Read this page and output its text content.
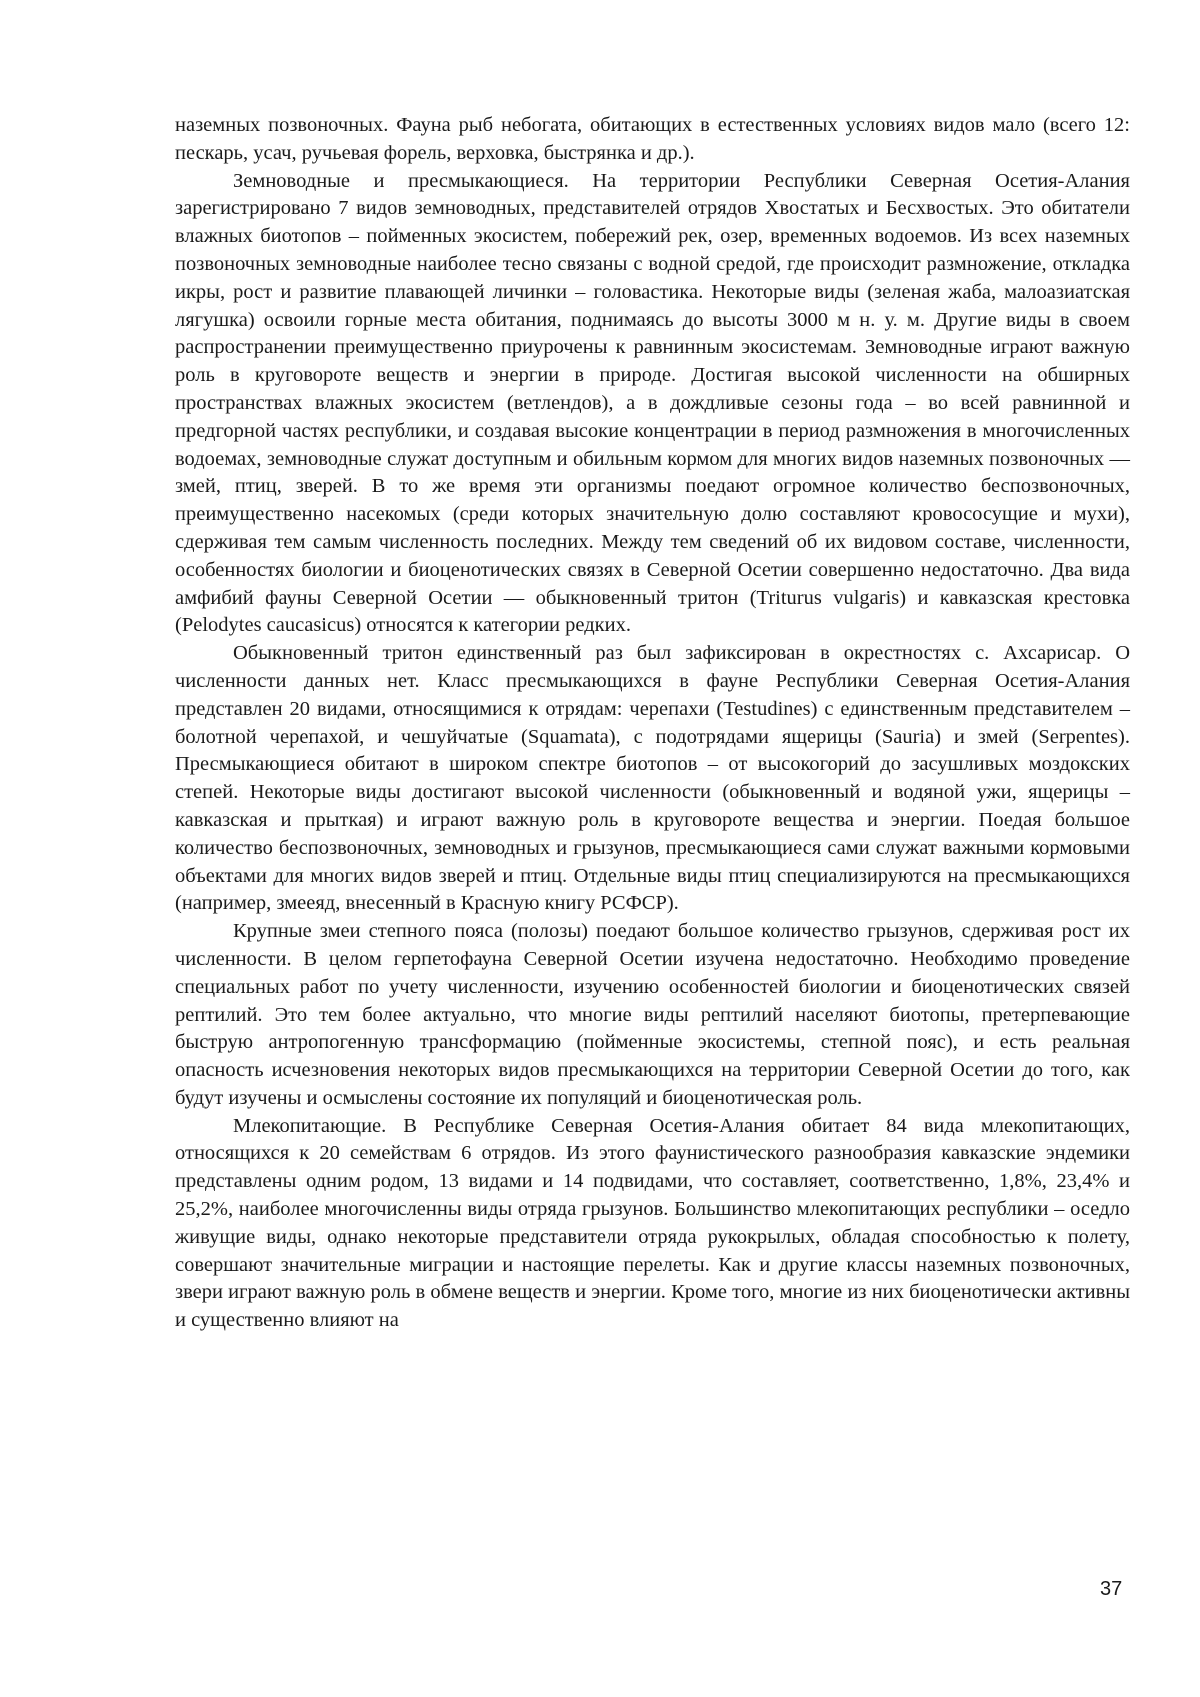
наземных позвоночных. Фауна рыб небогата, обитающих в естественных условиях видов мало (всего 12: пескарь, усач, ручьевая форель, верховка, быстрянка и др.).

Земноводные и пресмыкающиеся. На территории Республики Северная Осетия-Алания зарегистрировано 7 видов земноводных, представителей отрядов Хвостатых и Бесхвостых. Это обитатели влажных биотопов – пойменных экосистем, побережий рек, озер, временных водоемов. Из всех наземных позвоночных земноводные наиболее тесно связаны с водной средой, где происходит размножение, откладка икры, рост и развитие плавающей личинки – головастика. Некоторые виды (зеленая жаба, малоазиатская лягушка) освоили горные места обитания, поднимаясь до высоты 3000 м н. у. м. Другие виды в своем распространении преимущественно приурочены к равнинным экосистемам. Земноводные играют важную роль в круговороте веществ и энергии в природе. Достигая высокой численности на обширных пространствах влажных экосистем (ветлендов), а в дождливые сезоны года – во всей равнинной и предгорной частях республики, и создавая высокие концентрации в период размножения в многочисленных водоемах, земноводные служат доступным и обильным кормом для многих видов наземных позвоночных — змей, птиц, зверей. В то же время эти организмы поедают огромное количество беспозвоночных, преимущественно насекомых (среди которых значительную долю составляют кровососущие и мухи), сдерживая тем самым численность последних. Между тем сведений об их видовом составе, численности, особенностях биологии и биоценотических связях в Северной Осетии совершенно недостаточно. Два вида амфибий фауны Северной Осетии — обыкновенный тритон (Triturus vulgaris) и кавказская крестовка (Pelodytes caucasicus) относятся к категории редких.

Обыкновенный тритон единственный раз был зафиксирован в окрестностях с. Ахсарисар. О численности данных нет. Класс пресмыкающихся в фауне Республики Северная Осетия-Алания представлен 20 видами, относящимися к отрядам: черепахи (Testudines) с единственным представителем – болотной черепахой, и чешуйчатые (Squamata), с подотрядами ящерицы (Sauria) и змей (Serpentes). Пресмыкающиеся обитают в широком спектре биотопов – от высокогорий до засушливых моздокских степей. Некоторые виды достигают высокой численности (обыкновенный и водяной ужи, ящерицы – кавказская и прыткая) и играют важную роль в круговороте вещества и энергии. Поедая большое количество беспозвоночных, земноводных и грызунов, пресмыкающиеся сами служат важными кормовыми объектами для многих видов зверей и птиц. Отдельные виды птиц специализируются на пресмыкающихся (например, змееяд, внесенный в Красную книгу РСФСР).

Крупные змеи степного пояса (полозы) поедают большое количество грызунов, сдерживая рост их численности. В целом герпетофауна Северной Осетии изучена недостаточно. Необходимо проведение специальных работ по учету численности, изучению особенностей биологии и биоценотических связей рептилий. Это тем более актуально, что многие виды рептилий населяют биотопы, претерпевающие быструю антропогенную трансформацию (пойменные экосистемы, степной пояс), и есть реальная опасность исчезновения некоторых видов пресмыкающихся на территории Северной Осетии до того, как будут изучены и осмыслены состояние их популяций и биоценотическая роль.

Млекопитающие. В Республике Северная Осетия-Алания обитает 84 вида млекопитающих, относящихся к 20 семействам 6 отрядов. Из этого фаунистического разнообразия кавказские эндемики представлены одним родом, 13 видами и 14 подвидами, что составляет, соответственно, 1,8%, 23,4% и 25,2%, наиболее многочисленны виды отряда грызунов. Большинство млекопитающих республики – оседло живущие виды, однако некоторые представители отряда рукокрылых, обладая способностью к полету, совершают значительные миграции и настоящие перелеты. Как и другие классы наземных позвоночных, звери играют важную роль в обмене веществ и энергии. Кроме того, многие из них биоценотически активны и существенно влияют на

37
